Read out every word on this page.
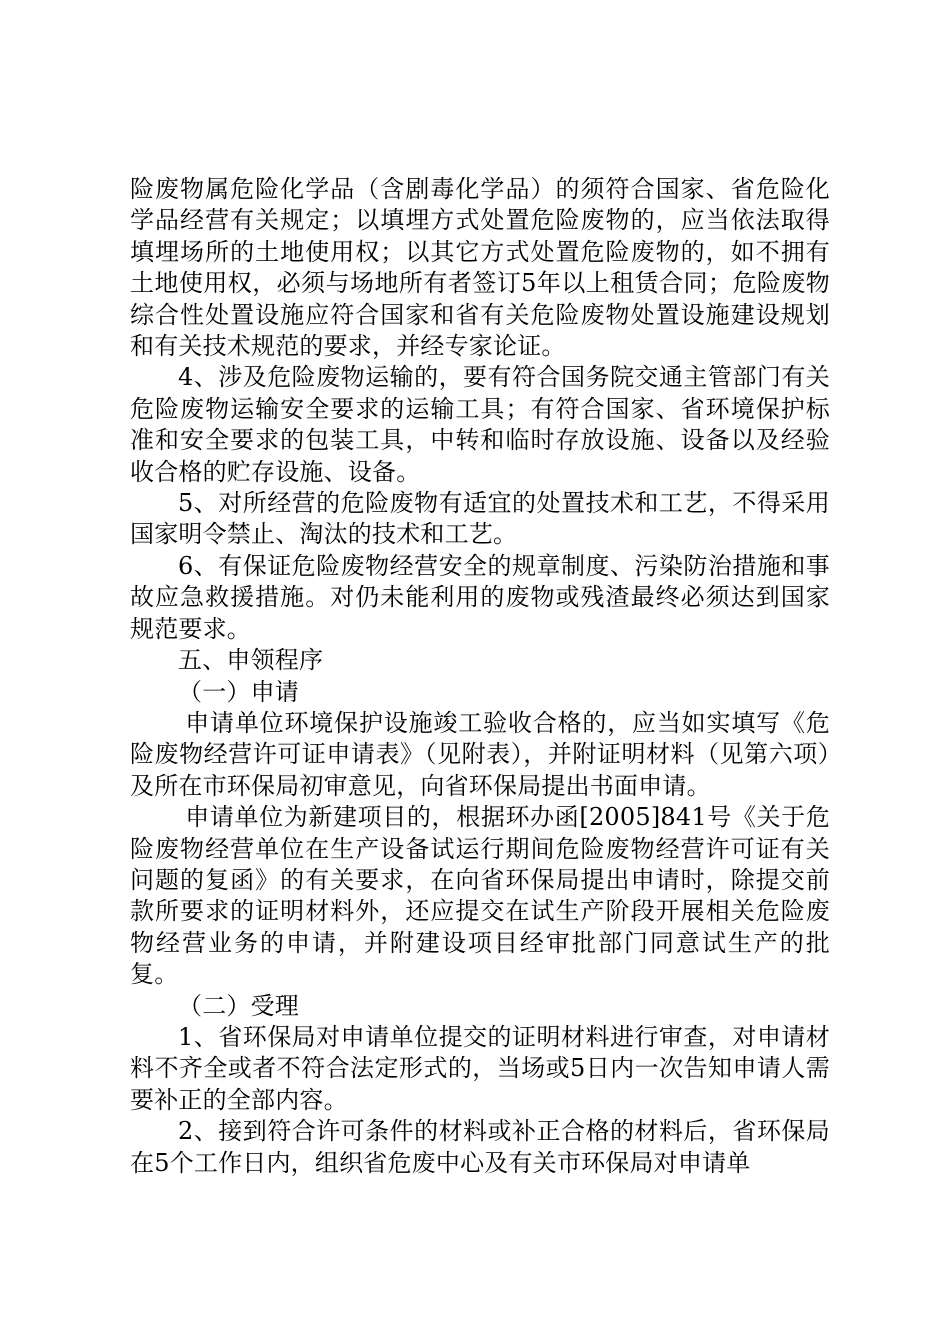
险废物属危险化学品（含剧毒化学品）的须符合国家、省危险化学品经营有关规定；以填埋方式处置危险废物的，应当依法取得填埋场所的土地使用权；以其它方式处置危险废物的，如不拥有土地使用权，必须与场地所有者签订5年以上租赁合同；危险废物综合性处置设施应符合国家和省有关危险废物处置设施建设规划和有关技术规范的要求，并经专家论证。

4、涉及危险废物运输的，要有符合国务院交通主管部门有关危险废物运输安全要求的运输工具；有符合国家、省环境保护标准和安全要求的包装工具，中转和临时存放设施、设备以及经验收合格的贮存设施、设备。

5、对所经营的危险废物有适宜的处置技术和工艺，不得采用国家明令禁止、淘汰的技术和工艺。

6、有保证危险废物经营安全的规章制度、污染防治措施和事故应急救援措施。对仍未能利用的废物或残渣最终必须达到国家规范要求。

五、申领程序

（一）申请

申请单位环境保护设施竣工验收合格的，应当如实填写《危险废物经营许可证申请表》（见附表），并附证明材料（见第六项）及所在市环保局初审意见，向省环保局提出书面申请。

申请单位为新建项目的，根据环办函[2005]841号《关于危险废物经营单位在生产设备试运行期间危险废物经营许可证有关问题的复函》的有关要求，在向省环保局提出申请时，除提交前款所要求的证明材料外，还应提交在试生产阶段开展相关危险废物经营业务的申请，并附建设项目经审批部门同意试生产的批复。

（二）受理

1、省环保局对申请单位提交的证明材料进行审查，对申请材料不齐全或者不符合法定形式的，当场或5日内一次告知申请人需要补正的全部内容。

2、接到符合许可条件的材料或补正合格的材料后，省环保局在5个工作日内，组织省危废中心及有关市环保局对申请单
